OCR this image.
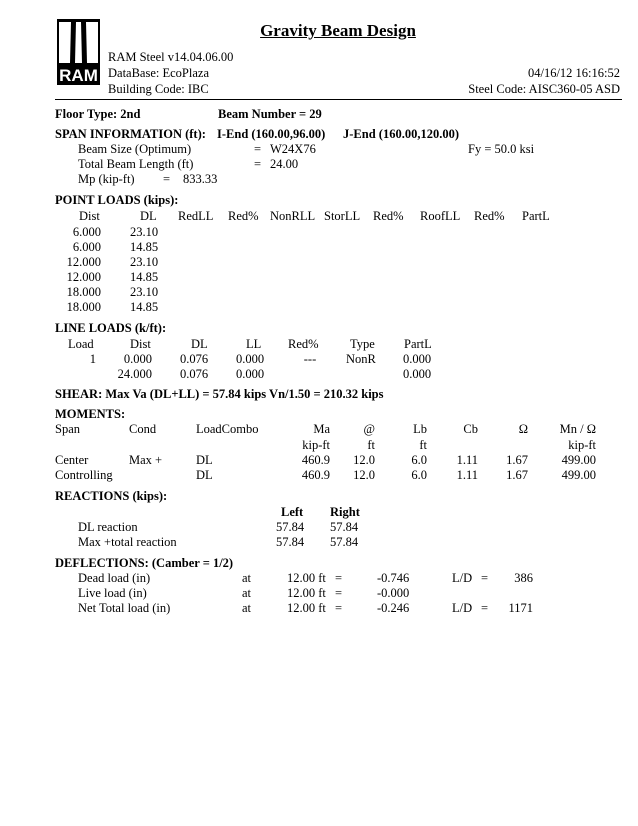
RAM
Gravity Beam Design
RAM Steel v14.04.06.00
DataBase: EcoPlaza
Building Code: IBC
04/16/12 16:16:52
Steel Code: AISC360-05 ASD
Floor Type: 2nd	Beam Number = 29
SPAN INFORMATION (ft): I-End (160.00,96.00) J-End (160.00,120.00)
Beam Size (Optimum)	= W24X76	Fy = 50.0 ksi
Total Beam Length (ft)	= 24.00
Mp (kip-ft) = 833.33
POINT LOADS (kips):
Dist	DL RedLL Red% NonRLL StorLL Red% RoofLL Red% PartL
6.000 23.10
6.000 14.85
12.000 23.10
12.000 14.85
18.000 23.10
18.000 14.85
LINE LOADS (k/ft):
Load	Dist	DL	LL Red%	Type PartL
1	0.000 0.076 0.000	---	NonR 0.000
24.000 0.076 0.000	0.000
SHEAR: Max Va (DL+LL) = 57.84 kips Vn/1.50 = 210.32 kips
MOMENTS:
Span	Cond	LoadCombo	Ma	@	Lb	Cb	Ω	Mn / Ω
kip-ft	ft	ft	kip-ft
Center	Max +	DL	460.9	12.0	6.0	1.11	1.67	499.00
Controlling	DL	460.9	12.0	6.0	1.11	1.67	499.00
REACTIONS (kips):
Left Right
DL reaction	57.84 57.84
Max +total reaction	57.84 57.84
DEFLECTIONS: (Camber = 1/2)
Dead load (in)	at	12.00 ft =	-0.746	L/D =	386
Live load (in)	at	12.00 ft =	-0.000
Net Total load (in)	at	12.00 ft =	-0.246	L/D =	1171
